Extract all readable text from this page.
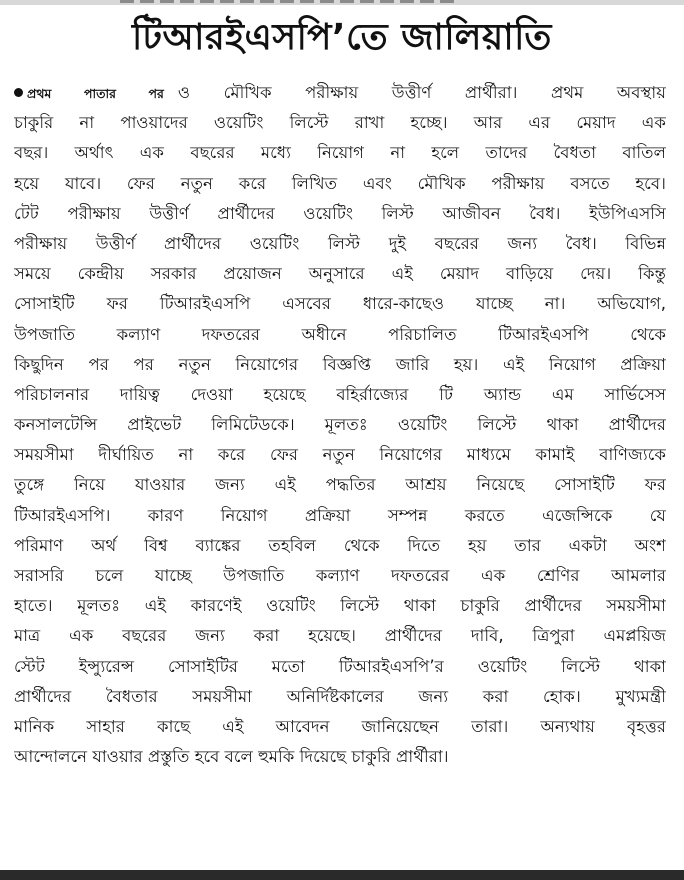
টিআরইএসপি’তে জালিয়াতি
প্রথম পাতার পর ও মৌখিক পরীক্ষায় উত্তীর্ণ প্রার্থীরা। প্রথম অবস্থায়
চাকুরি না পাওয়াদের ওয়েটিং লিস্টে রাখা হচ্ছে। আর এর মেয়াদ এক
বছর। অর্থাৎ এক বছরের মধ্যে নিয়োগ না হলে তাদের বৈধতা বাতিল
হয়ে যাবে। ফের নতুন করে লিখিত এবং মৌখিক পরীক্ষায় বসতে হবে।
টেট পরীক্ষায় উত্তীর্ণ প্রার্থীদের ওয়েটিং লিস্ট আজীবন বৈধ। ইউপিএসসি
পরীক্ষায় উত্তীর্ণ প্রার্থীদের ওয়েটিং লিস্ট দুই বছরের জন্য বৈধ। বিভিন্ন
সময়ে কেন্দ্রীয় সরকার প্রয়োজন অনুসারে এই মেয়াদ বাড়িয়ে দেয়। কিন্তু
সোসাইটি ফর টিআরইএসপি এসবের ধারে-কাছেও যাচ্ছে না। অভিযোগ,
উপজাতি কল্যাণ দফতরের অধীনে পরিচালিত টিআরইএসপি থেকে
কিছুদিন পর পর নতুন নিয়োগের বিজ্ঞপ্তি জারি হয়। এই নিয়োগ প্রক্রিয়া
পরিচালনার দায়িত্ব দেওয়া হয়েছে বহির্রাজ্যের টি অ্যান্ড এম সার্ভিসেস
কনসালটেন্সি প্রাইভেট লিমিটেডকে। মূলতঃ ওয়েটিং লিস্টে থাকা প্রার্থীদের
সময়সীমা দীর্ঘায়িত না করে ফের নতুন নিয়োগের মাধ্যমে কামাই বাণিজ্যকে
তুঙ্গে নিয়ে যাওয়ার জন্য এই পদ্ধতির আশ্রয় নিয়েছে সোসাইটি ফর
টিআরইএসপি। কারণ নিয়োগ প্রক্রিয়া সম্পন্ন করতে এজেন্সিকে যে
পরিমাণ অর্থ বিশ্ব ব্যাঙ্কের তহবিল থেকে দিতে হয় তার একটা অংশ
সরাসরি চলে যাচ্ছে উপজাতি কল্যাণ দফতরের এক শ্রেণির আমলার
হাতে। মূলতঃ এই কারণেই ওয়েটিং লিস্টে থাকা চাকুরি প্রার্থীদের সময়সীমা
মাত্র এক বছরের জন্য করা হয়েছে। প্রার্থীদের দাবি, ত্রিপুরা এমপ্লয়িজ
স্টেট ইন্স্যুরেন্স সোসাইটির মতো টিআরইএসপি’র ওয়েটিং লিস্টে থাকা
প্রার্থীদের বৈধতার সময়সীমা অনির্দিষ্টকালের জন্য করা হোক। মুখ্যমন্ত্রী
মানিক সাহার কাছে এই আবেদন জানিয়েছেন তারা। অন্যথায় বৃহত্তর
আন্দোলনে যাওয়ার প্রস্তুতি হবে বলে হুমকি দিয়েছে চাকুরি প্রার্থীরা।
